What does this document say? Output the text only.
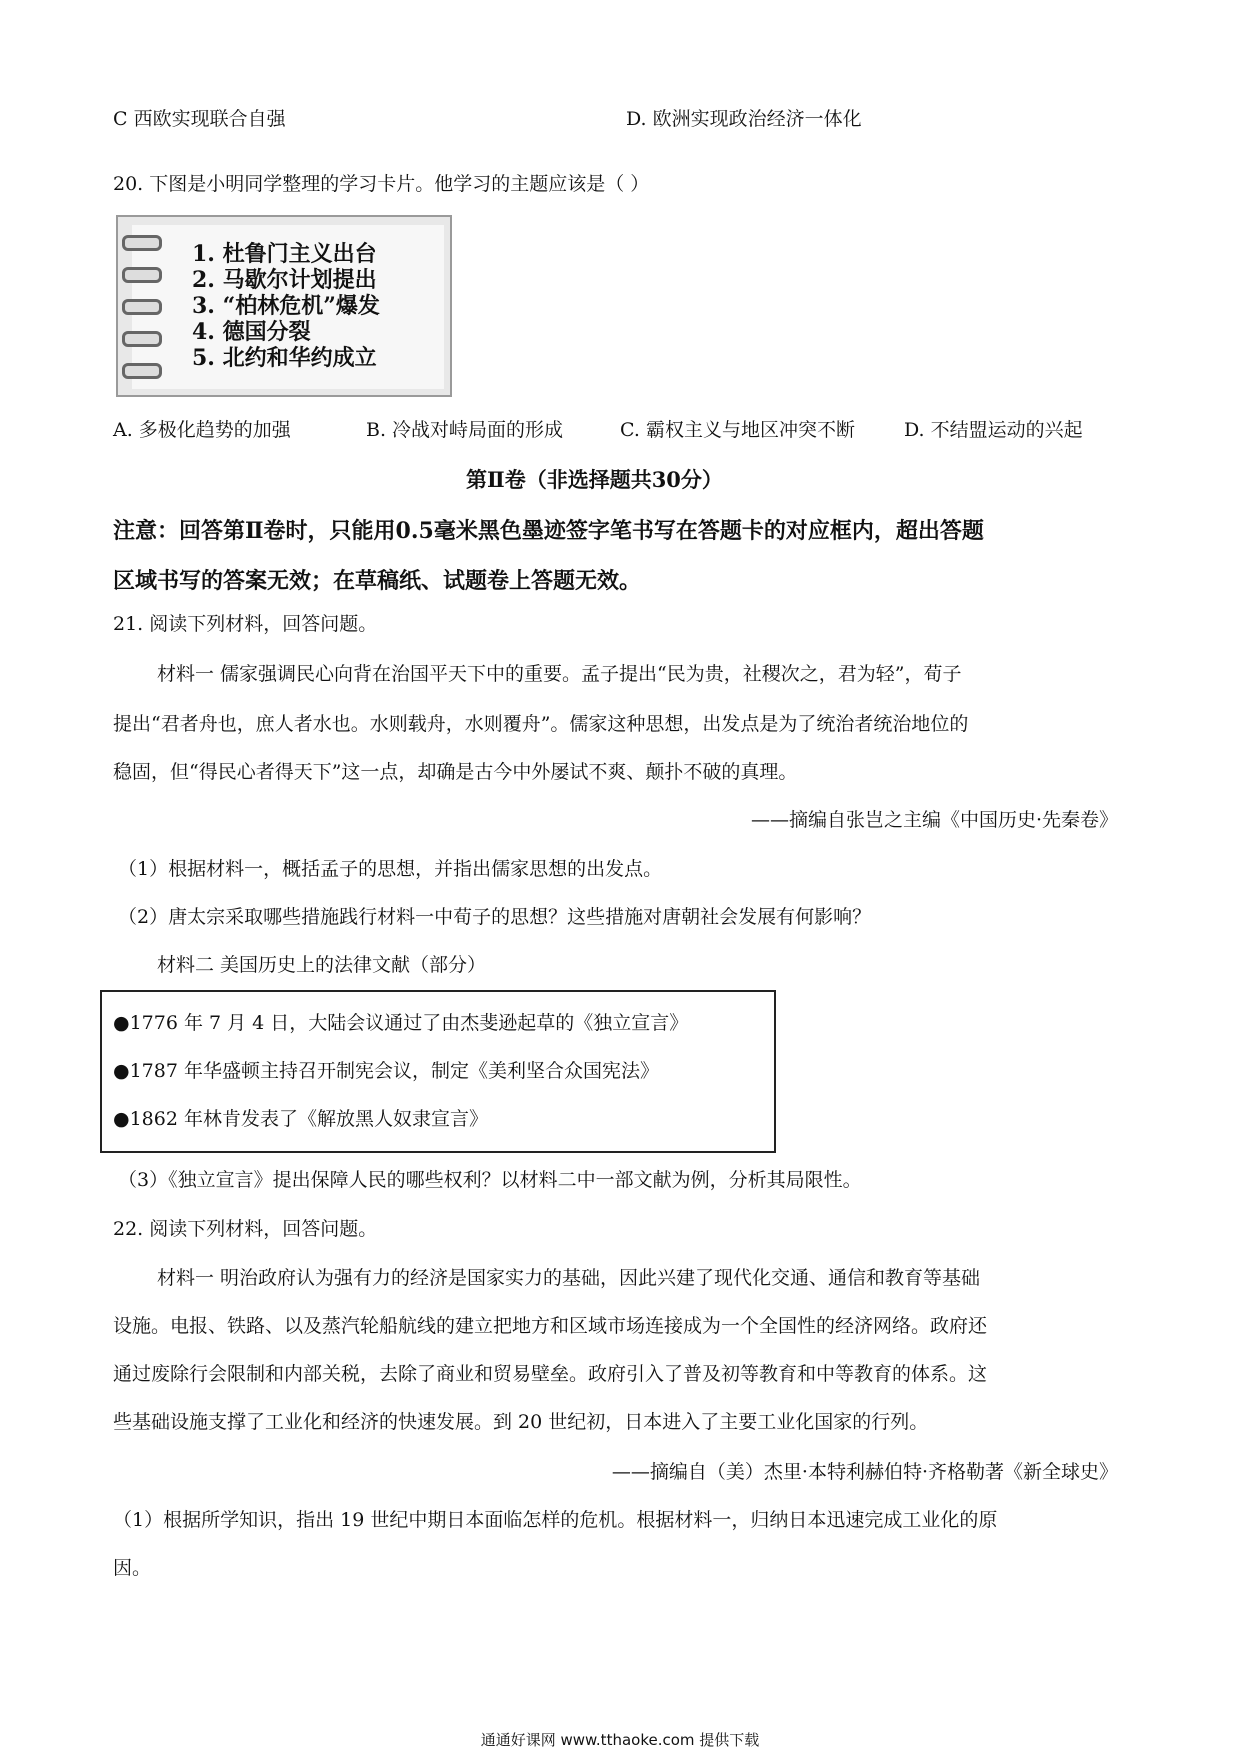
C 西欧实现联合自强	D. 欧洲实现政治经济一体化
20. 下图是小明同学整理的学习卡片。他学习的主题应该是（ ）
1. 杜鲁门主义出台
2. 马歇尔计划提出
3. “柏林危机”爆发
4. 德国分裂
5. 北约和华约成立
A. 多极化趋势的加强	B. 冷战对峙局面的形成	C. 霸权主义与地区冲突不断	D. 不结盟运动的兴起
第Ⅱ卷（非选择题共30分）
注意：回答第Ⅱ卷时，只能用0.5毫米黑色墨迹签字笔书写在答题卡的对应框内，超出答题
区域书写的答案无效；在草稿纸、试题卷上答题无效。
21. 阅读下列材料，回答问题。
材料一 儒家强调民心向背在治国平天下中的重要。孟子提出“民为贵，社稷次之，君为轻”，荀子
提出“君者舟也，庶人者水也。水则载舟，水则覆舟”。儒家这种思想，出发点是为了统治者统治地位的
稳固，但“得民心者得天下”这一点，却确是古今中外屡试不爽、颠扑不破的真理。
——摘编自张岂之主编《中国历史·先秦卷》
（1）根据材料一，概括孟子的思想，并指出儒家思想的出发点。
（2）唐太宗采取哪些措施践行材料一中荀子的思想？这些措施对唐朝社会发展有何影响？
材料二 美国历史上的法律文献（部分）
●1776 年 7 月 4 日，大陆会议通过了由杰斐逊起草的《独立宣言》
●1787 年华盛顿主持召开制宪会议，制定《美利坚合众国宪法》
●1862 年林肯发表了《解放黑人奴隶宣言》
（3）《独立宣言》提出保障人民的哪些权利？以材料二中一部文献为例，分析其局限性。
22. 阅读下列材料，回答问题。
材料一 明治政府认为强有力的经济是国家实力的基础，因此兴建了现代化交通、通信和教育等基础
设施。电报、铁路、以及蒸汽轮船航线的建立把地方和区域市场连接成为一个全国性的经济网络。政府还
通过废除行会限制和内部关税，去除了商业和贸易壁垒。政府引入了普及初等教育和中等教育的体系。这
些基础设施支撑了工业化和经济的快速发展。到 20 世纪初，日本进入了主要工业化国家的行列。
——摘编自（美）杰里·本特利赫伯特·齐格勒著《新全球史》
（1）根据所学知识，指出 19 世纪中期日本面临怎样的危机。根据材料一，归纳日本迅速完成工业化的原
因。
通通好课网 www.tthaoke.com 提供下载
